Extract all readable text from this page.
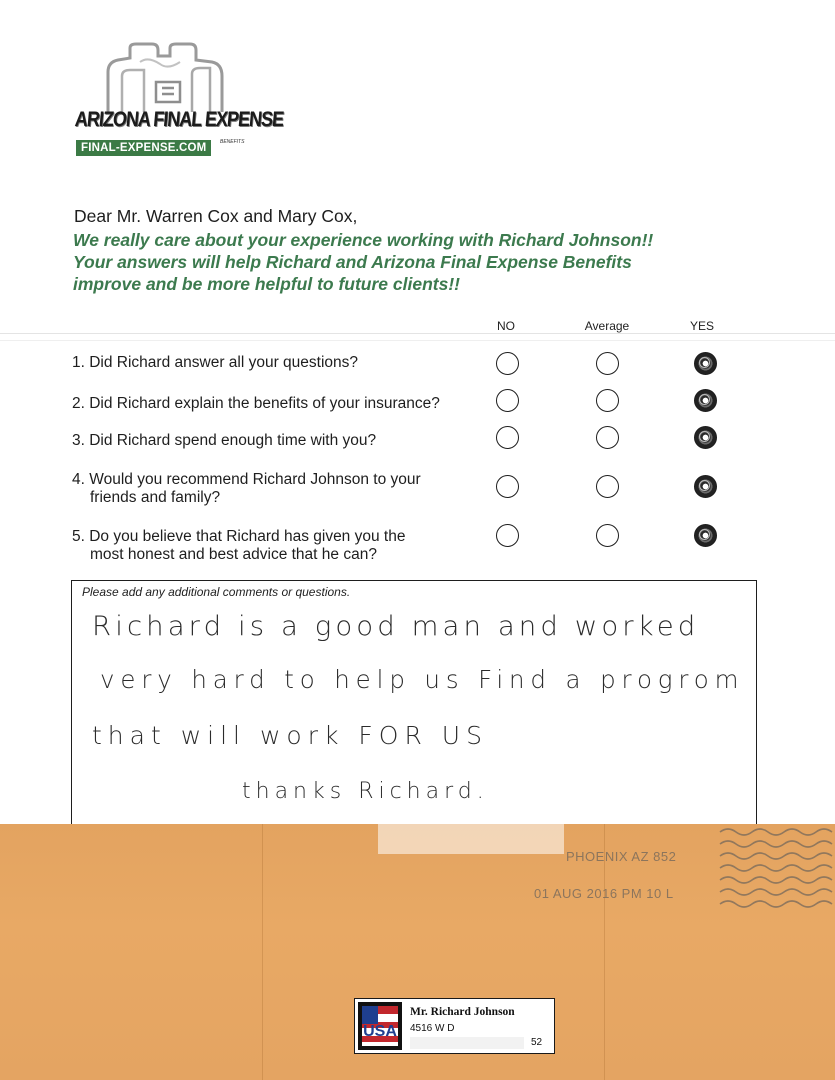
ARIZONA FINAL EXPENSE
FINAL-EXPENSE.COM	BENEFITS
Dear Mr. Warren Cox and Mary Cox,
We really care about your experience working with Richard Johnson!!
Your answers will help Richard and Arizona Final Expense Benefits
improve and be more helpful to future clients!!
NO	Average	YES
1. Did Richard answer all your questions?
2. Did Richard explain the benefits of your insurance?
3. Did Richard spend enough time with you?
4. Would you recommend Richard Johnson to your
friends and family?
5. Do you believe that Richard has given you the
most honest and best advice that he can?
Please add any additional comments or questions.
Richard is a good man and worked
very hard to help us Find a progrom
that will work FOR US
thanks Richard.
PHOENIX AZ 852
01 AUG 2016 PM 10 L
USA
Mr. Richard Johnson
4516 W D
52
